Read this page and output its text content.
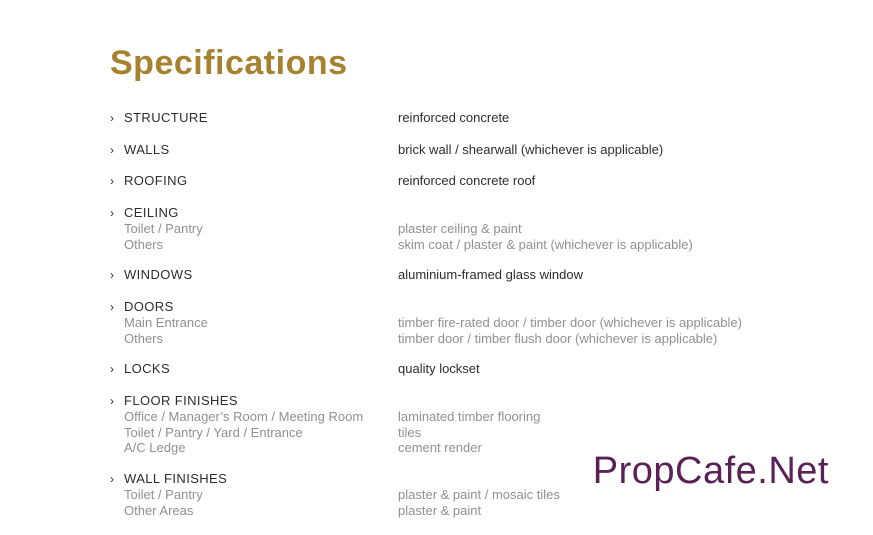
Specifications
› STRUCTURE	reinforced concrete
› WALLS	brick wall / shearwall (whichever is applicable)
› ROOFING	reinforced concrete roof
› CEILING
Toilet / Pantry	plaster ceiling & paint
Others	skim coat / plaster & paint (whichever is applicable)
› WINDOWS	aluminium-framed glass window
› DOORS
Main Entrance	timber fire-rated door / timber door (whichever is applicable)
Others	timber door / timber flush door (whichever is applicable)
› LOCKS	quality lockset
› FLOOR FINISHES
Office / Manager’s Room / Meeting Room	laminated timber flooring
Toilet / Pantry / Yard / Entrance	tiles
A/C Ledge	cement render
› WALL FINISHES
Toilet / Pantry	plaster & paint / mosaic tiles
Other Areas	plaster & paint
PropCafe.Net
